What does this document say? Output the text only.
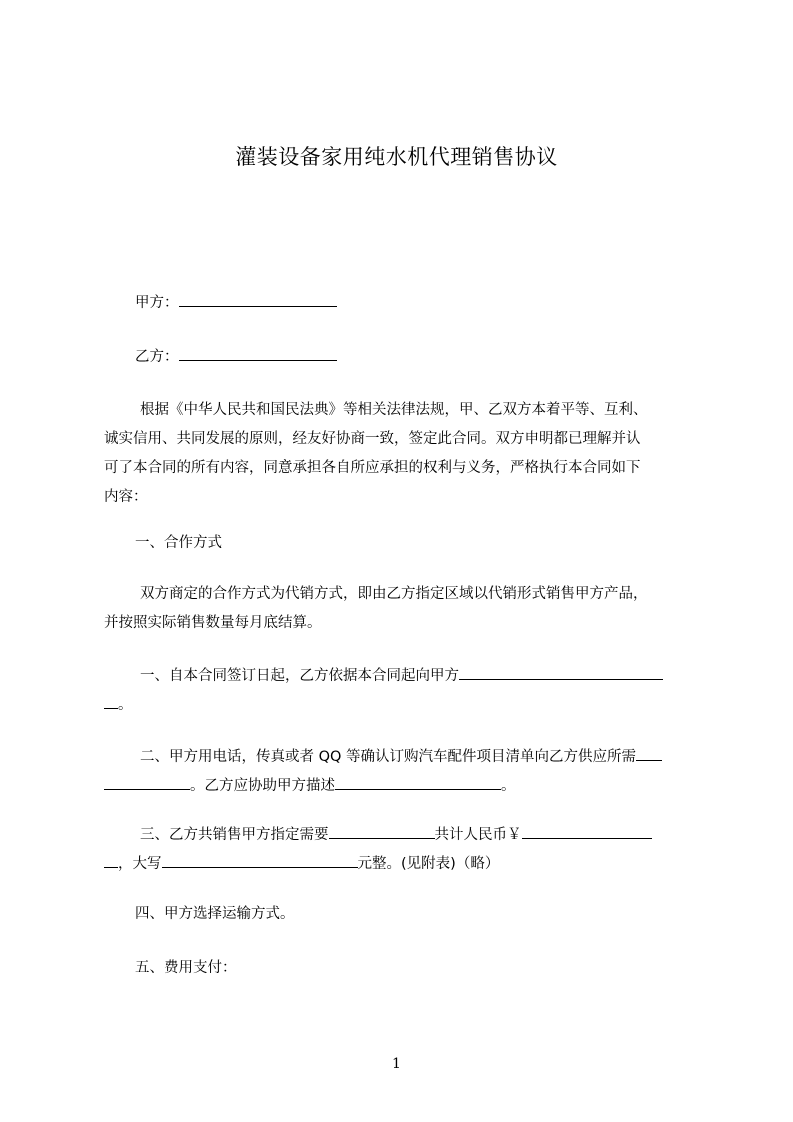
灌装设备家用纯水机代理销售协议
甲方：
乙方：
根据《中华人民共和国民法典》等相关法律法规，甲、乙双方本着平等、互利、
诚实信用、共同发展的原则，经友好协商一致，签定此合同。双方申明都已理解并认
可了本合同的所有内容，同意承担各自所应承担的权利与义务，严格执行本合同如下
内容：
一、合作方式
双方商定的合作方式为代销方式，即由乙方指定区域以代销形式销售甲方产品，
并按照实际销售数量每月底结算。
一、自本合同签订日起，乙方依据本合同起向甲方
。
二、甲方用电话，传真或者 QQ 等确认订购汽车配件项目清单向乙方供应所需
。乙方应协助甲方描述	。
三、乙方共销售甲方指定需要	共计人民币￥
，大写	元整。(见附表)（略）
四、甲方选择运输方式。
五、费用支付：
1
